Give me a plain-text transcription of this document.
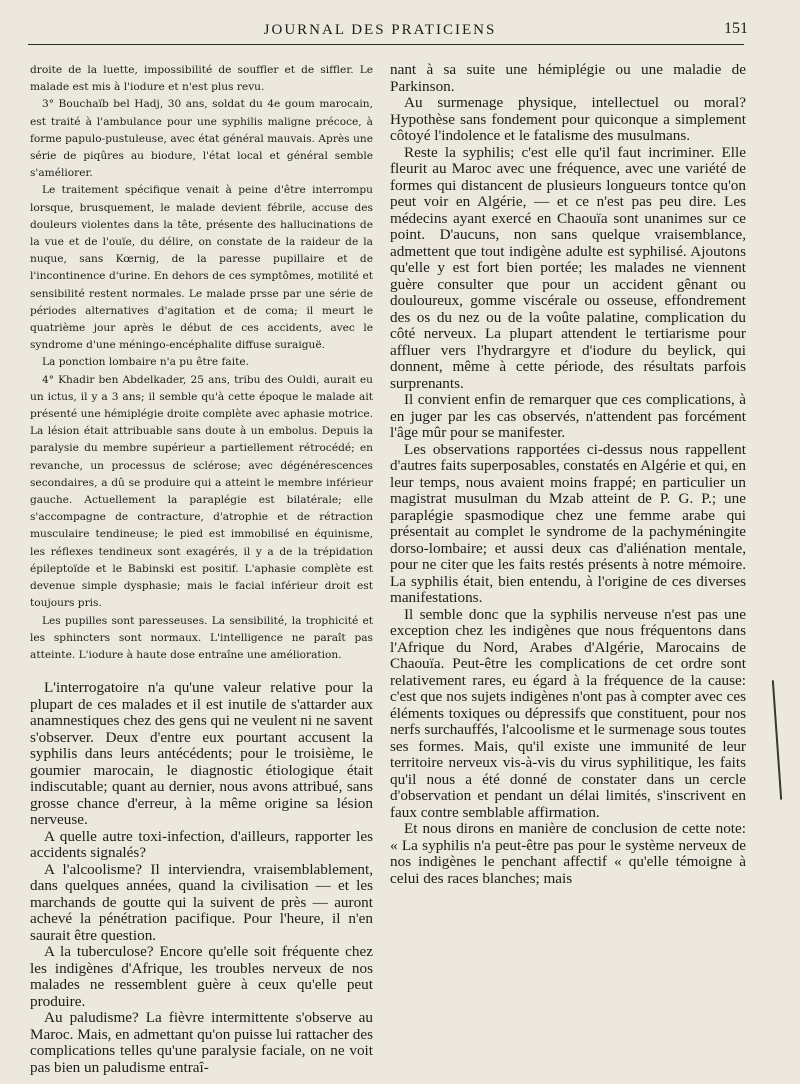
JOURNAL DES PRATICIENS	151

droite de la luette, impossibilité de souffler et de siffler. Le malade est mis à l'iodure et n'est plus revu.

3° Bouchaïb bel Hadj, 30 ans, soldat du 4e goum marocain, est traité à l'ambulance pour une syphilis maligne précoce, à forme papulo-pustuleuse, avec état général mauvais. Après une série de piqûres au biodure, l'état local et général semble s'améliorer.

Le traitement spécifique venait à peine d'être interrompu lorsque, brusquement, le malade devient fébrile, accuse des douleurs violentes dans la tête, présente des hallucinations de la vue et de l'ouïe, du délire, on constate de la raideur de la nuque, sans Kœrnig, de la paresse pupillaire et de l'incontinence d'urine. En dehors de ces symptômes, motilité et sensibilité restent normales. Le malade prsse par une série de périodes alternatives d'agitation et de coma; il meurt le quatrième jour après le début de ces accidents, avec le syndrome d'une méningo-encéphalite diffuse suraiguë.

La ponction lombaire n'a pu être faite.

4° Khadir ben Abdelkader, 25 ans, tribu des Ouldi, aurait eu un ictus, il y a 3 ans; il semble qu'à cette époque le malade ait présenté une hémiplégie droite complète avec aphasie motrice. La lésion était attribuable sans doute à un embolus. Depuis la paralysie du membre supérieur a partiellement rétrocédé; en revanche, un processus de sclérose; avec dégénérescences secondaires, a dû se produire qui a atteint le membre inférieur gauche. Actuellement la paraplégie est bilatérale; elle s'accompagne de contracture, d'atrophie et de rétraction musculaire tendineuse; le pied est immobilisé en équinisme, les réflexes tendineux sont exagérés, il y a de la trépidation épileptoïde et le Babinski est positif. L'aphasie complète est devenue simple dysphasie; mais le facial inférieur droit est toujours pris.

Les pupilles sont paresseuses. La sensibilité, la trophicité et les sphincters sont normaux. L'intelligence ne paraît pas atteinte. L'iodure à haute dose entraîne une amélioration.

L'interrogatoire n'a qu'une valeur relative pour la plupart de ces malades et il est inutile de s'attarder aux anamnestiques chez des gens qui ne veulent ni ne savent s'observer. Deux d'entre eux pourtant accusent la syphilis dans leurs antécédents; pour le troisième, le goumier marocain, le diagnostic étiologique était indiscutable; quant au dernier, nous avons attribué, sans grosse chance d'erreur, à la même origine sa lésion nerveuse.

A quelle autre toxi-infection, d'ailleurs, rapporter les accidents signalés?

A l'alcoolisme? Il interviendra, vraisemblablement, dans quelques années, quand la civilisation — et les marchands de goutte qui la suivent de près — auront achevé la pénétration pacifique. Pour l'heure, il n'en saurait être question.

A la tuberculose? Encore qu'elle soit fréquente chez les indigènes d'Afrique, les troubles nerveux de nos malades ne ressemblent guère à ceux qu'elle peut produire.

Au paludisme? La fièvre intermittente s'observe au Maroc. Mais, en admettant qu'on puisse lui rattacher des complications telles qu'une paralysie faciale, on ne voit pas bien un paludisme entraî-

nant à sa suite une hémiplégie ou une maladie de Parkinson.

Au surmenage physique, intellectuel ou moral? Hypothèse sans fondement pour quiconque a simplement côtoyé l'indolence et le fatalisme des musulmans.

Reste la syphilis; c'est elle qu'il faut incriminer. Elle fleurit au Maroc avec une fréquence, avec une variété de formes qui distancent de plusieurs longueurs tontce qu'on peut voir en Algérie, — et ce n'est pas peu dire. Les médecins ayant exercé en Chaouïa sont unanimes sur ce point. D'aucuns, non sans quelque vraisemblance, admettent que tout indigène adulte est syphilisé. Ajoutons qu'elle y est fort bien portée; les malades ne viennent guère consulter que pour un accident gênant ou douloureux, gomme viscérale ou osseuse, effondrement des os du nez ou de la voûte palatine, complication du côté nerveux. La plupart attendent le tertiarisme pour affluer vers l'hydrargyre et d'iodure du beylick, qui donnent, même à cette période, des résultats parfois surprenants.

Il convient enfin de remarquer que ces complications, à en juger par les cas observés, n'attendent pas forcément l'âge mûr pour se manifester.

Les observations rapportées ci-dessus nous rappellent d'autres faits superposables, constatés en Algérie et qui, en leur temps, nous avaient moins frappé; en particulier un magistrat musulman du Mzab atteint de P. G. P.; une paraplégie spasmodique chez une femme arabe qui présentait au complet le syndrome de la pachyméningite dorso-lombaire; et aussi deux cas d'aliénation mentale, pour ne citer que les faits restés présents à notre mémoire. La syphilis était, bien entendu, à l'origine de ces diverses manifestations.

Il semble donc que la syphilis nerveuse n'est pas une exception chez les indigènes que nous fréquentons dans l'Afrique du Nord, Arabes d'Algérie, Marocains de Chaouïa. Peut-être les complications de cet ordre sont relativement rares, eu égard à la fréquence de la cause: c'est que nos sujets indigènes n'ont pas à compter avec ces éléments toxiques ou dépressifs que constituent, pour nos nerfs surchauffés, l'alcoolisme et le surmenage sous toutes ses formes. Mais, qu'il existe une immunité de leur territoire nerveux vis-à-vis du virus syphilitique, les faits qu'il nous a été donné de constater dans un cercle d'observation et pendant un délai limités, s'inscrivent en faux contre semblable affirmation.

Et nous dirons en manière de conclusion de cette note: « La syphilis n'a peut-être pas pour le système nerveux de nos indigènes le penchant affectif « qu'elle témoigne à celui des races blanches; mais
